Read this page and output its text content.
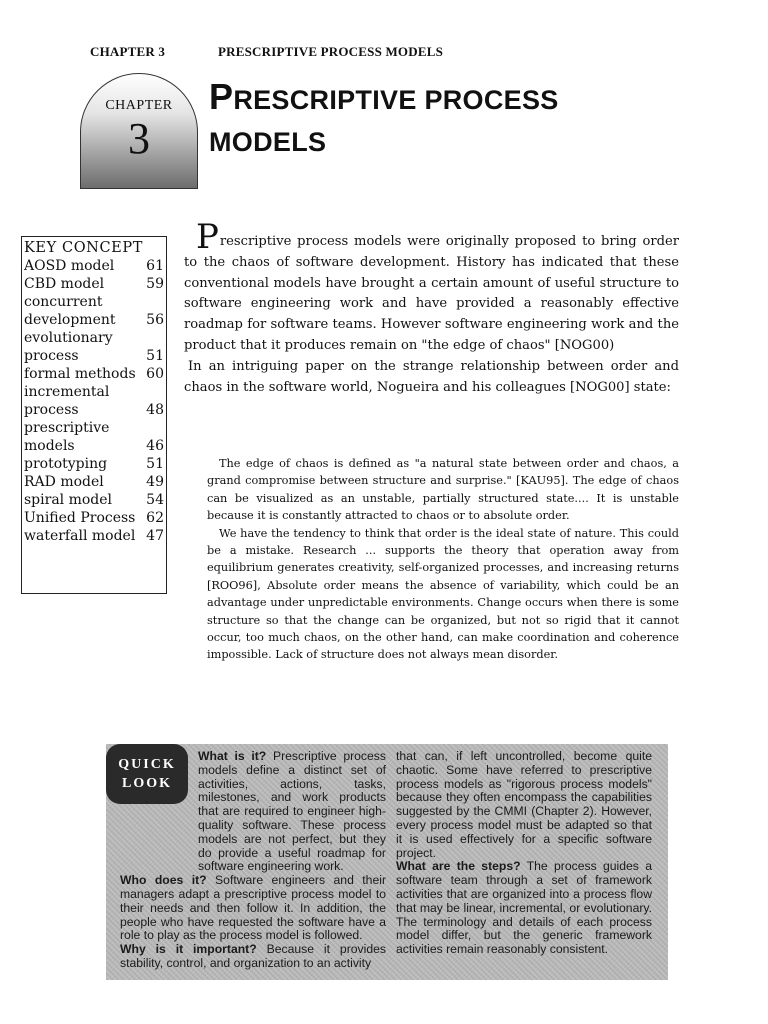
CHAPTER 3	PRESCRIPTIVE PROCESS MODELS
CHAPTER
3
PRESCRIPTIVE PROCESS
MODELS
KEY CONCEPT
AOSD model	61
CBD model	59
concurrent development	56
evolutionary process	51
formal methods 60
incremental process	48
prescriptive models	46
prototyping	51
RAD model	49
spiral model	54
Unified Process 62
waterfall model 47

Prescriptive process models were originally proposed to bring order to the chaos of software development. History has indicated that these conventional models have brought a certain amount of useful structure to software engineering work and have provided a reasonably effective roadmap for software teams. However software engineering work and the product that it produces remain on "the edge of chaos" [NOG00)

In an intriguing paper on the strange relationship between order and chaos in the software world, Nogueira and his colleagues [NOG00] state:

The edge of chaos is defined as "a natural state between order and chaos, a grand compromise between structure and surprise." [KAU95]. The edge of chaos can be visualized as an unstable, partially structured state.... It is unstable because it is constantly attracted to chaos or to absolute order.

We have the tendency to think that order is the ideal state of nature. This could be a mistake. Research ... supports the theory that operation away from equilibrium generates creativity, self-organized processes, and increasing returns [ROO96], Absolute order means the absence of variability, which could be an advantage under unpredictable environments. Change occurs when there is some structure so that the change can be organized, but not so rigid that it cannot occur, too much chaos, on the other hand, can make coordination and coherence impossible. Lack of structure does not always mean disorder.

What is it? Prescriptive process models define a distinct set of activities, actions, tasks, milestones, and work products that are required to engineer high-quality software. These process models are not perfect, but they do provide a useful roadmap for software engineering work.

Who does it? Software engineers and their managers adapt a prescriptive process model to their needs and then follow it. In addition, the people who have requested the software have a role to play as the process model is followed.

Why is it important? Because it provides stability, control, and organization to an activity

that can, if left uncontrolled, become quite chaotic. Some have referred to prescriptive process models as "rigorous process models" because they often encompass the capabilities suggested by the CMMI (Chapter 2). However, every process model must be adapted so that it is used effectively for a specific software project.

What are the steps? The process guides a software team through a set of framework activities that are organized into a process flow that may be linear, incremental, or evolutionary. The terminology and details of each process model differ, but the generic framework activities remain reasonably consistent.

QUICK
LOOK
